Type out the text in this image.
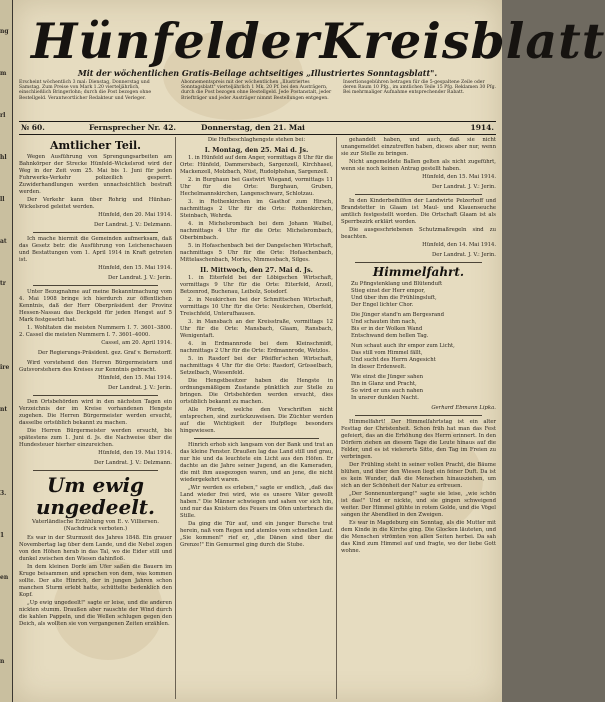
ng
m
rl
hl
ll
at
tr
ire
nt
3.
1
en
n
Hünfelder Kreisblatt
Mit der wöchentlichen Gratis-Beilage achtseitiges „Illustriertes Sonntagsblatt".
Erscheint wöchentlich 3 mal: Dienstag, Donnerstag und Samstag. Zum Preise von Mark 1.20 vierteljährlich, einschließlich Bringerlohn; durch die Post bezogen ohne Bestellgeld. Verantwortlicher Redakteur und Verleger.
Abonnementspreis mit der wöchentlichen „Illustriertes Sonntagsblatt" vierteljährlich 1 Mk. 20 Pf. bei den Austrägern, durch die Post bezogen ohne Bestellgeld. Jede Postanstalt, jeder Briefträger und jeder Austräger nimmt Bestellungen entgegen.
Insertionsgebühren betragen für die 5-gespaltene Zeile oder deren Raum 10 Pfg., im amtlichen Teile 15 Pfg. Reklamen 30 Pfg. Bei mehrmaliger Aufnahme entsprechender Rabatt.
№ 60.	Fernsprecher Nr. 42.	Donnerstag, den 21. Mai	1914.
Amtlicher Teil.

Wegen Ausführung von Sprengungsarbeiten am Bahnkörper der Strecke Hünfeld–Wickelsrod wird der Weg in der Zeit vom 25. Mai bis 1. Juni für jeden Fuhrwerks-Verkehr polizeilich gesperrt. Zuwiderhandlungen werden unnachsichtlich bestraft werden.

Der Verkehr kann über Rohrig und Hünhan-Wickelsrod geleitet werden.

Hünfeld, den 20. Mai 1914.

Der Landrat. J. V.: Delzmann.

Ich mache hiermit die Gemeinden aufmerksam, daß das Gesetz betr. die Ausführung von Leichenschauen und Bestattungen vom 1. April 1914 in Kraft getreten ist.

Hünfeld, den 15. Mai 1914.

Der Landrat. J. V.: Jerin.

Unter Bezugnahme auf meine Bekanntmachung vom 4. Mai 1908 bringe ich hierdurch zur öffentlichen Kenntnis, daß der Herr Oberpräsident der Provinz Hessen-Nassau das Deckgeld für jeden Hengst auf 5 Mark festgesetzt hat.

1. Wohltaten die meisten Nummern I. 7. 3601–3800. 2. Cassel die meisten Nummern I. 7. 3601–4000.

Cassel, am 20. April 1914.

Der Regierungs-Präsident. gez. Graf v. Bernstorff.

Wird vorstehend den Herren Bürgermeistern und Gutsvorstehern des Kreises zur Kenntnis gebracht.

Hünfeld, den 15. Mai 1914.

Der Landrat. J. V.: Jerin.

Den Ortsbehörden wird in den nächsten Tagen ein Verzeichnis der im Kreise vorhandenen Hengste zugehen. Die Herren Bürgermeister werden ersucht, dasselbe ortsüblich bekannt zu machen.

Die Herren Bürgermeister werden ersucht, bis spätestens zum 1. Juni d. Js. die Nachweise über die Hundesteuer hierher einzureichen.

Hünfeld, den 19. Mai 1914.

Der Landrat. J. V.: Delzmann.

Um ewig ungedeelt.

Vaterländische Erzählung von E. v. Villiersen. (Nachdruck verboten.)

Es war in der Sturmzeit des Jahres 1848. Ein grauer Novembertag lag über dem Lande, und die Nebel zogen von den Höhen herab in das Tal, wo die Eider still und dunkel zwischen den Wiesen dahinfloß.

In dem kleinen Dorfe am Ufer saßen die Bauern im Kruge beisammen und sprachen von dem, was kommen sollte. Der alte Hinrich, der in jungen Jahren schon manchen Sturm erlebt hatte, schüttelte bedenklich den Kopf.

„Up ewig ungedeelt!" sagte er leise, und die anderen nickten stumm. Draußen aber rauschte der Wind durch die kahlen Pappeln, und die Wellen schlugen gegen den Deich, als wollten sie von vergangenen Zeiten erzählen.

Die Hufbeschlaghengste stehen bei:

I. Montag, den 25. Mai d. Js.

1. in Hünfeld auf dem Anger, vormittags 8 Uhr für die Orte: Hünfeld, Dammersbach, Sargenzell, Kirchhasel, Mackenzell, Molzbach, Nüst, Rudolphshan, Sargenzell.

2. in Burghaun bei Gastwirt Wiegand, vormittags 11 Uhr für die Orte: Burghaun, Gruben, Hechelmannskirchen, Langenschwarz, Schlotzau.

3. in Rothenkirchen im Gasthof zum Hirsch, nachmittags 2 Uhr für die Orte: Rothenkirchen, Steinbach, Wehrda.

4. in Michelsrombach bei dem Johann Waibel, nachmittags 4 Uhr für die Orte: Michelsrombach, Oberbimbach.

5. in Hofaschenbach bei der Dangelschen Wirtschaft, nachmittags 5 Uhr für die Orte: Hofaschenbach, Mittelaschenbach, Morles, Nimmesbach, Silges.

II. Mittwoch, den 27. Mai d. Js.

1. in Eiterfeld bei der Löbigschen Wirtschaft, vormittags 9 Uhr für die Orte: Eiterfeld, Arzell, Betzenrod, Buchenau, Leibolz, Soisdorf.

2. in Neukirchen bei der Schmittschen Wirtschaft, vormittags 10 Uhr für die Orte: Neukirchen, Oberfeld, Treischfeld, Unterufhausen.

3. in Mansbach an der Kreisstraße, vormittags 12 Uhr für die Orte: Mansbach, Glaam, Ransbach, Wenigentaft.

4. in Erdmannrode bei dem Kleinschmidt, nachmittags 2 Uhr für die Orte: Erdmannrode, Wetzlos.

5. in Rasdorf bei der Pfeiffer'schen Wirtschaft, nachmittags 4 Uhr für die Orte: Rasdorf, Grüsselbach, Setzelbach, Wiesenfeld.

Die Hengstbesitzer haben die Hengste in ordnungsmäßigem Zustande pünktlich zur Stelle zu bringen. Die Ortsbehörden werden ersucht, dies ortsüblich bekannt zu machen.

Alle Pferde, welche den Vorschriften nicht entsprechen, sind zurückzuweisen. Die Züchter werden auf die Wichtigkeit der Hufpflege besonders hingewiesen.

Hinrich erhob sich langsam von der Bank und trat an das kleine Fenster. Draußen lag das Land still und grau, nur hie und da leuchtete ein Licht aus den Höfen. Er dachte an die Jahre seiner Jugend, an die Kameraden, die mit ihm ausgezogen waren, und an jene, die nicht wiedergekehrt waren.

„Wir werden es erleben," sagte er endlich, „daß das Land wieder frei wird, wie es unsere Väter gewollt haben." Die Männer schwiegen und sahen vor sich hin, und nur das Knistern des Feuers im Ofen unterbrach die Stille.

Da ging die Tür auf, und ein junger Bursche trat herein, naß vom Regen und atemlos vom schnellen Lauf. „Sie kommen!" rief er, „die Dänen sind über die Grenze!" Ein Gemurmel ging durch die Stube.

gehandelt haben, und auch, daß sie nicht unangemeldet einzutreffen haben, dieses aber nur, wenn sie zur Stelle zu bringen.

Nicht angemeldete Ballen gelten als nicht zugeführt, wenn sie noch keinen Antrag gestellt haben.

Hünfeld, den 15. Mai 1914.

Der Landrat. J. V.: Jerin.

In den Kinderbeihilfen der Landwirte Pelzerhoff und Brandstetter in Glaam ist Maul- und Klauenseuche amtlich festgestellt worden. Die Ortschaft Glaam ist als Sperrbezirk erklärt worden.

Die ausgeschriebenen Schutzmaßregeln sind zu beachten.

Hünfeld, den 14. Mai 1914.

Der Landrat. J. V.: Jerin.

Himmelfahrt.

Zu Pfingstenklang und Blütenduft

Stieg einst der Herr empor,

Und über ihm die Frühlingsluft,

Der Engel lichter Chor.

Die Jünger stand'n am Bergesrand

Und schauten ihm nach,

Bis er in der Wolken Wand

Entschwand dem hellen Tag.

Nun schaut auch ihr empor zum Licht,

Das still vom Himmel fällt,

Und sucht des Herrn Angesicht

In dieser Erdenwelt.

Wie einst die Jünger sahen

Ihn in Glanz und Pracht,

So wird er uns auch nahen

In unsrer dunklen Nacht.

Gerhard Ebmann Lipka.

Himmelfahrt! Der Himmelfahrtstag ist ein alter Festtag der Christenheit. Schon früh hat man das Fest gefeiert, das an die Erhöhung des Herrn erinnert. In den Dörfern ziehen an diesem Tage die Leute hinaus auf die Felder, und es ist vielerorts Sitte, den Tag im Freien zu verbringen.

Der Frühling steht in seiner vollen Pracht, die Bäume blühen, und über den Wiesen liegt ein feiner Duft. Da ist es kein Wunder, daß die Menschen hinausziehen, um sich an der Schönheit der Natur zu erfreuen.

„Der Sonnenuntergang!" sagte sie leise, „wie schön ist das!" Und er nickte, und sie gingen schweigend weiter. Der Himmel glühte in rotem Golde, und die Vögel sangen ihr Abendlied in den Zweigen.

Es war in Magdeburg ein Sonntag, als die Mutter mit dem Kinde in die Kirche ging. Die Glocken läuteten, und die Menschen strömten von allen Seiten herbei. Da sah das Kind zum Himmel auf und fragte, wo der liebe Gott wohne.
